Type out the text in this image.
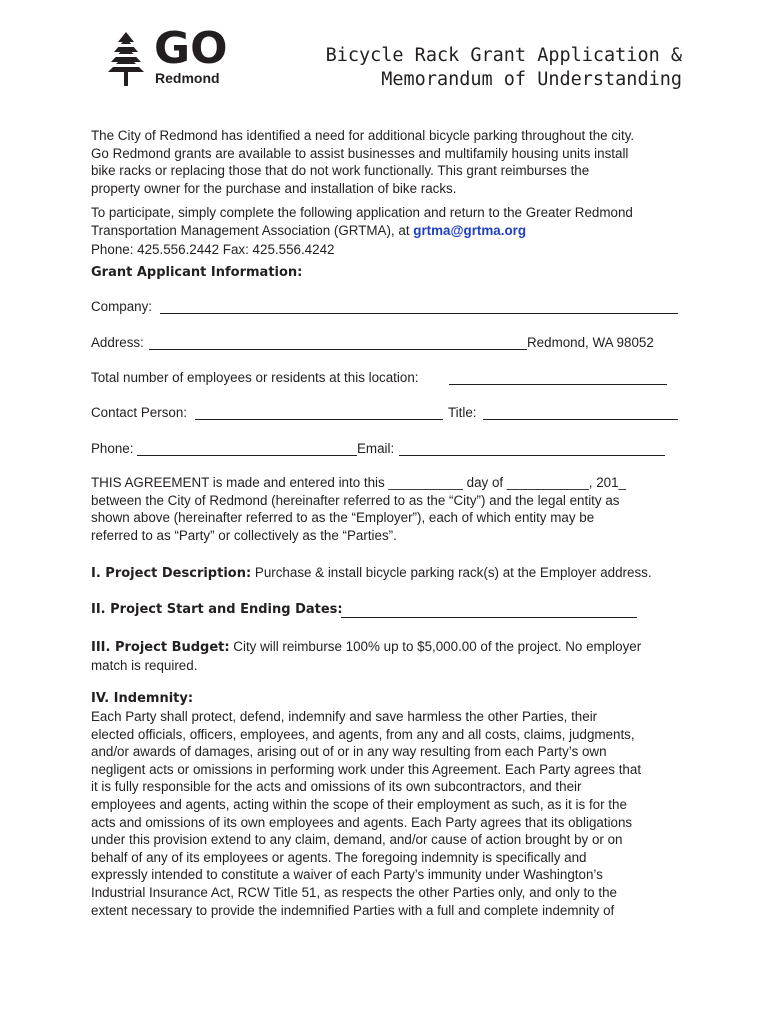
GO
Redmond
Bicycle Rack Grant Application &
Memorandum of Understanding
The City of Redmond has identified a need for additional bicycle parking throughout the city.
Go Redmond grants are available to assist businesses and multifamily housing units install
bike racks or replacing those that do not work functionally. This grant reimburses the
property owner for the purchase and installation of bike racks.
To participate, simply complete the following application and return to the Greater Redmond
Transportation Management Association (GRTMA), at grtma@grtma.org
Phone: 425.556.2442 Fax: 425.556.4242
Grant Applicant Information:
Company:
Address:	Redmond, WA 98052
Total number of employees or residents at this location:
Contact Person:	Title:
Phone:	Email:
THIS AGREEMENT is made and entered into this __________ day of ___________, 201_
between the City of Redmond (hereinafter referred to as the “City”) and the legal entity as
shown above (hereinafter referred to as the “Employer”), each of which entity may be
referred to as “Party” or collectively as the “Parties”.
I. Project Description: Purchase & install bicycle parking rack(s) at the Employer address.
II. Project Start and Ending Dates:
III. Project Budget: City will reimburse 100% up to $5,000.00 of the project. No employer
match is required.
IV. Indemnity:
Each Party shall protect, defend, indemnify and save harmless the other Parties, their
elected officials, officers, employees, and agents, from any and all costs, claims, judgments,
and/or awards of damages, arising out of or in any way resulting from each Party’s own
negligent acts or omissions in performing work under this Agreement. Each Party agrees that
it is fully responsible for the acts and omissions of its own subcontractors, and their
employees and agents, acting within the scope of their employment as such, as it is for the
acts and omissions of its own employees and agents. Each Party agrees that its obligations
under this provision extend to any claim, demand, and/or cause of action brought by or on
behalf of any of its employees or agents. The foregoing indemnity is specifically and
expressly intended to constitute a waiver of each Party’s immunity under Washington’s
Industrial Insurance Act, RCW Title 51, as respects the other Parties only, and only to the
extent necessary to provide the indemnified Parties with a full and complete indemnity of
